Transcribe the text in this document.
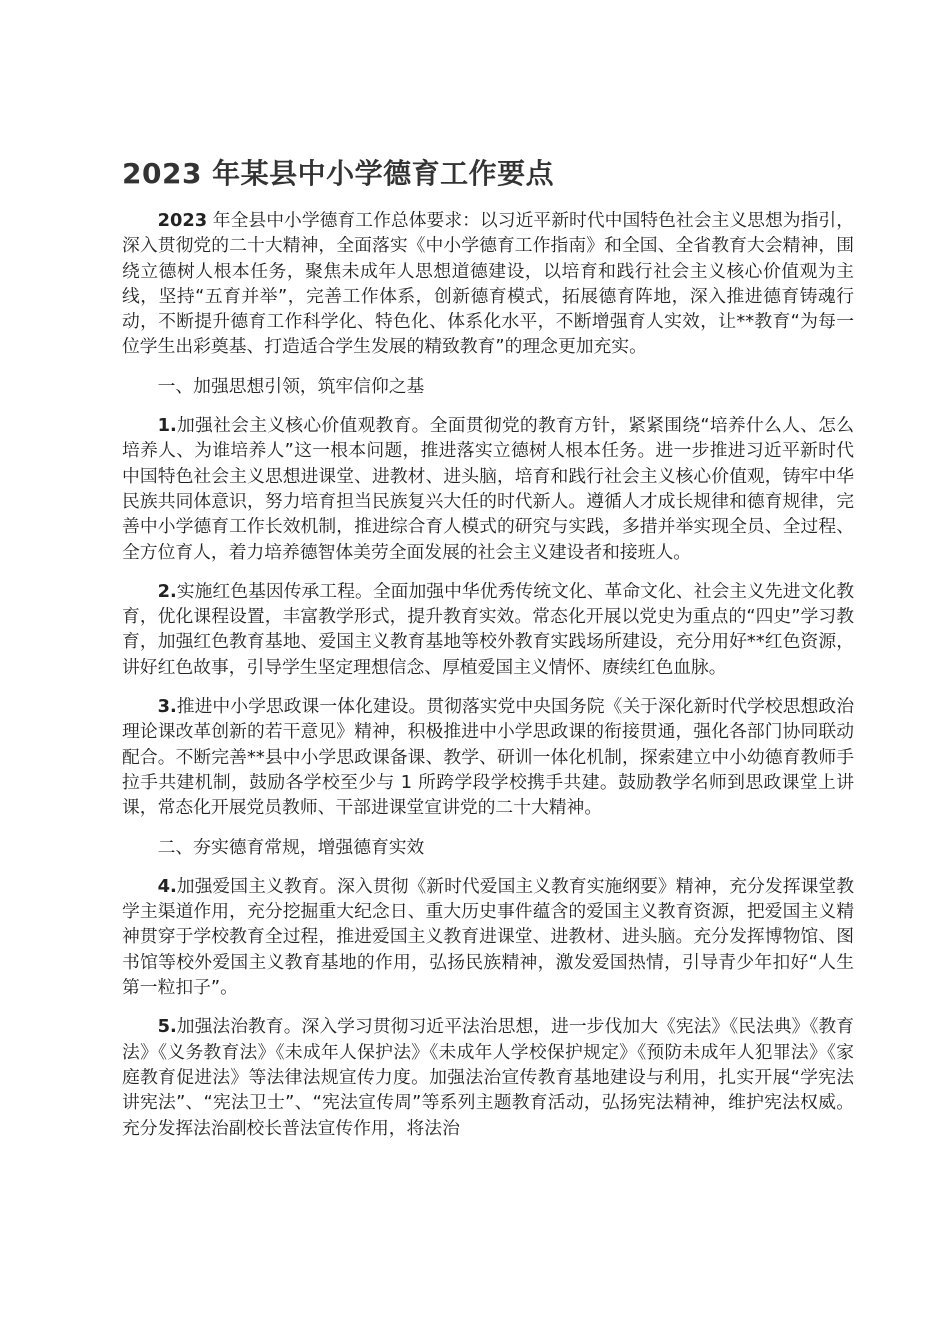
2023 年某县中小学德育工作要点

2023 年全县中小学德育工作总体要求：以习近平新时代中国特色社会主义思想为指引，深入贯彻党的二十大精神，全面落实《中小学德育工作指南》和全国、全省教育大会精神，围绕立德树人根本任务，聚焦未成年人思想道德建设，以培育和践行社会主义核心价值观为主线，坚持“五育并举”，完善工作体系，创新德育模式，拓展德育阵地，深入推进德育铸魂行动，不断提升德育工作科学化、特色化、体系化水平，不断增强育人实效，让**教育“为每一位学生出彩奠基、打造适合学生发展的精致教育”的理念更加充实。

一、加强思想引领，筑牢信仰之基

1.加强社会主义核心价值观教育。全面贯彻党的教育方针，紧紧围绕“培养什么人、怎么培养人、为谁培养人”这一根本问题，推进落实立德树人根本任务。进一步推进习近平新时代中国特色社会主义思想进课堂、进教材、进头脑，培育和践行社会主义核心价值观，铸牢中华民族共同体意识，努力培育担当民族复兴大任的时代新人。遵循人才成长规律和德育规律，完善中小学德育工作长效机制，推进综合育人模式的研究与实践，多措并举实现全员、全过程、全方位育人，着力培养德智体美劳全面发展的社会主义建设者和接班人。

2.实施红色基因传承工程。全面加强中华优秀传统文化、革命文化、社会主义先进文化教育，优化课程设置，丰富教学形式，提升教育实效。常态化开展以党史为重点的“四史”学习教育，加强红色教育基地、爱国主义教育基地等校外教育实践场所建设，充分用好**红色资源，讲好红色故事，引导学生坚定理想信念、厚植爱国主义情怀、赓续红色血脉。

3.推进中小学思政课一体化建设。贯彻落实党中央国务院《关于深化新时代学校思想政治理论课改革创新的若干意见》精神，积极推进中小学思政课的衔接贯通，强化各部门协同联动配合。不断完善**县中小学思政课备课、教学、研训一体化机制，探索建立中小幼德育教师手拉手共建机制，鼓励各学校至少与 1 所跨学段学校携手共建。鼓励教学名师到思政课堂上讲课，常态化开展党员教师、干部进课堂宣讲党的二十大精神。

二、夯实德育常规，增强德育实效

4.加强爱国主义教育。深入贯彻《新时代爱国主义教育实施纲要》精神，充分发挥课堂教学主渠道作用，充分挖掘重大纪念日、重大历史事件蕴含的爱国主义教育资源，把爱国主义精神贯穿于学校教育全过程，推进爱国主义教育进课堂、进教材、进头脑。充分发挥博物馆、图书馆等校外爱国主义教育基地的作用，弘扬民族精神，激发爱国热情，引导青少年扣好“人生第一粒扣子”。

5.加强法治教育。深入学习贯彻习近平法治思想，进一步伐加大《宪法》《民法典》《教育法》《义务教育法》《未成年人保护法》《未成年人学校保护规定》《预防未成年人犯罪法》《家庭教育促进法》等法律法规宣传力度。加强法治宣传教育基地建设与利用，扎实开展“学宪法讲宪法”、“宪法卫士”、“宪法宣传周”等系列主题教育活动，弘扬宪法精神，维护宪法权威。充分发挥法治副校长普法宣传作用，将法治
